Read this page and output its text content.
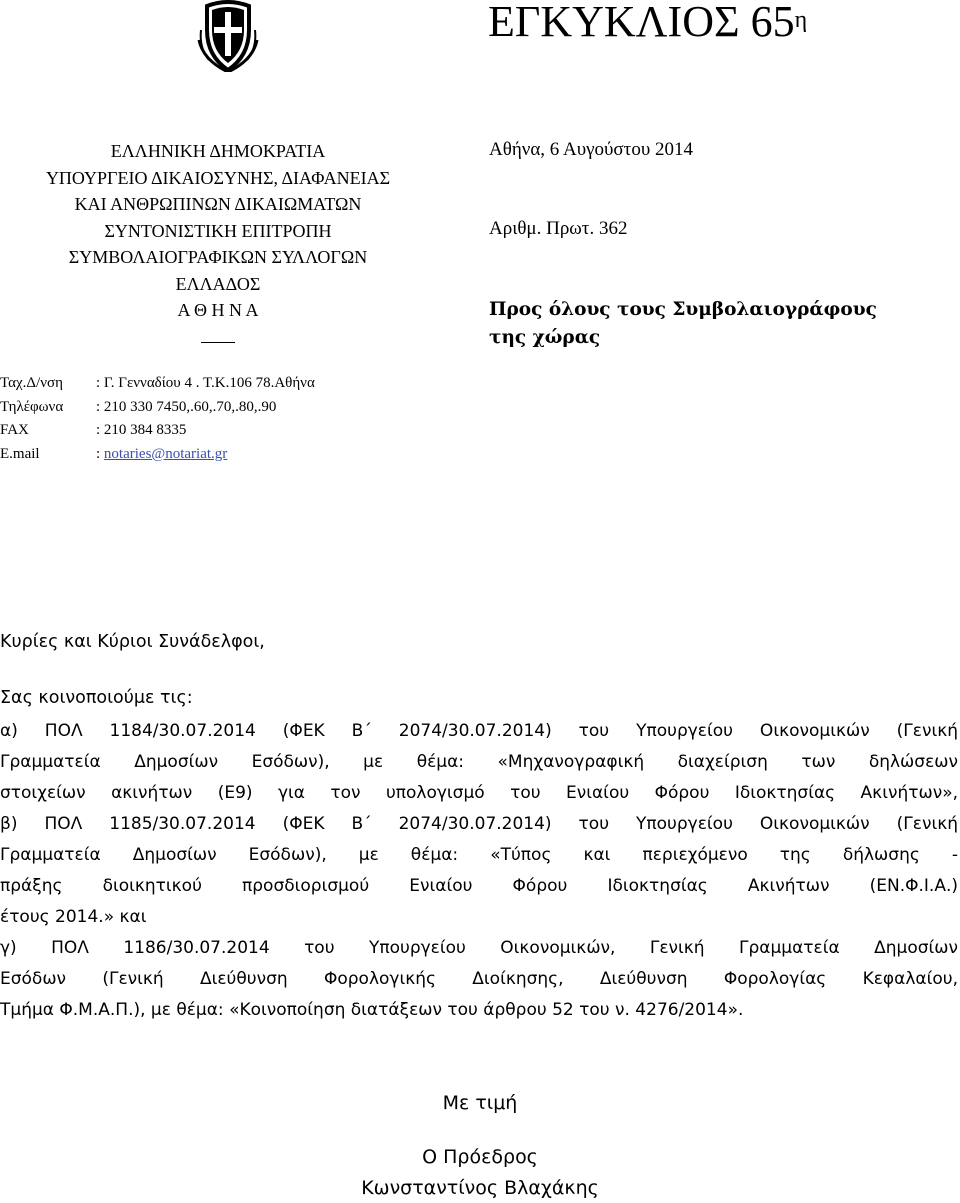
ΕΓΚΥΚΛΙΟΣ $65^\eta$
ΕΛΛΗΝΙΚΗ ΔΗΜΟΚΡΑΤΙΑ
ΥΠΟΥΡΓΕΙΟ ΔΙΚΑΙΟΣΥΝΗΣ, ΔΙΑΦΑΝΕΙΑΣ
ΚΑΙ ΑΝΘΡΩΠΙΝΩΝ ΔΙΚΑΙΩΜΑΤΩΝ
ΣΥΝΤΟΝΙΣΤΙΚΗ ΕΠΙΤΡΟΠΗ
ΣΥΜΒΟΛΑΙΟΓΡΑΦΙΚΩΝ ΣΥΛΛΟΓΩΝ
ΕΛΛΑΔΟΣ
Α Θ Η Ν Α
Αθήνα, 6 Αυγούστου 2014
Αριθμ. Πρωτ. 362
Προς όλους τους Συμβολαιογράφους
της χώρας
Ταχ.Δ/νση : Γ. Γενναδίου 4 . Τ.Κ.106 78.Αθήνα
Τηλέφωνα : 210 330 7450,.60,.70,.80,.90
FAX	: 210 384 8335
E.mail	: notaries@notariat.gr
Κυρίες και Κύριοι Συνάδελφοι,
Σας κοινοποιούμε τις:
α) ΠΟΛ 1184/30.07.2014 (ΦΕΚ Β΄ 2074/30.07.2014) του Υπουργείου Οικονομικών (Γενική
Γραμματεία Δημοσίων Εσόδων), με θέμα: «Μηχανογραφική διαχείριση των δηλώσεων
στοιχείων ακινήτων (Ε9) για τον υπολογισμό του Ενιαίου Φόρου Ιδιοκτησίας Ακινήτων»,
β) ΠΟΛ 1185/30.07.2014 (ΦΕΚ Β΄ 2074/30.07.2014) του Υπουργείου Οικονομικών (Γενική
Γραμματεία Δημοσίων Εσόδων), με θέμα: «Τύπος και περιεχόμενο της δήλωσης -
πράξης διοικητικού προσδιορισμού Ενιαίου Φόρου Ιδιοκτησίας Ακινήτων (ΕΝ.Φ.Ι.Α.)
έτους 2014.» και
γ) ΠΟΛ 1186/30.07.2014 του Υπουργείου Οικονομικών, Γενική Γραμματεία Δημοσίων
Εσόδων (Γενική Διεύθυνση Φορολογικής Διοίκησης, Διεύθυνση Φορολογίας Κεφαλαίου,
Τμήμα Φ.Μ.Α.Π.), με θέμα: «Κοινοποίηση διατάξεων του άρθρου 52 του ν. 4276/2014».
Με τιμή
Ο Πρόεδρος
Κωνσταντίνος Βλαχάκης
